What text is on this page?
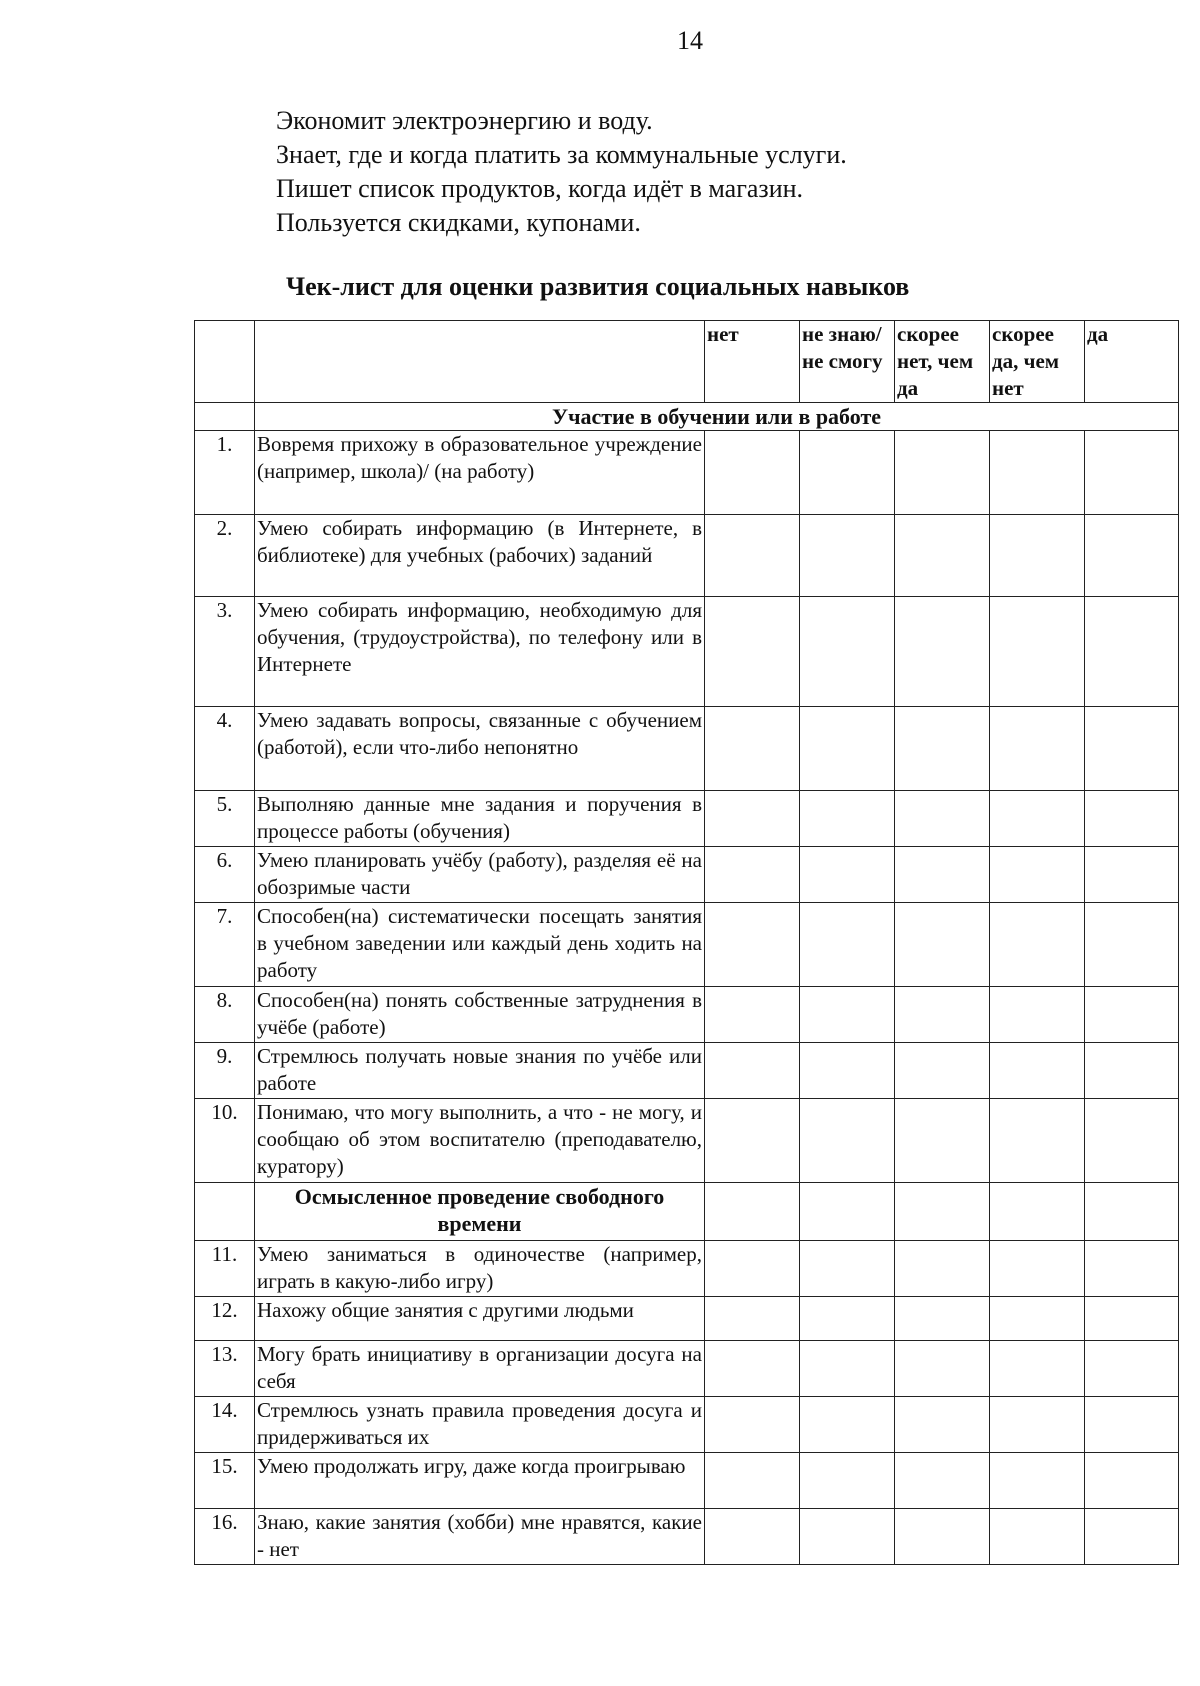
14
Экономит электроэнергию и воду.
Знает, где и когда платить за коммунальные услуги.
Пишет список продуктов, когда идёт в магазин.
Пользуется скидками, купонами.
Чек-лист для оценки развития социальных навыков
		нет	не знаю/ не смогу	скорее нет, чем да	скорее да, чем нет	да
	Участие в обучении или в работе					
1.	Вовремя прихожу в образовательное учреждение (например, школа)/ (на работу)					
2.	Умею собирать информацию (в Интернете, в библиотеке) для учебных (рабочих) заданий					
3.	Умею собирать информацию, необходимую для обучения, (трудоустройства), по телефону или в Интернете					
4.	Умею задавать вопросы, связанные с обучением (работой), если что-либо непонятно					
5.	Выполняю данные мне задания и поручения в процессе работы (обучения)					
6.	Умею планировать учёбу (работу), разделяя её на обозримые части					
7.	Способен(на) систематически посещать занятия в учебном заведении или каждый день ходить на работу					
8.	Способен(на) понять собственные затруднения в учёбе (работе)					
9.	Стремлюсь получать новые знания по учёбе или работе					
10.	Понимаю, что могу выполнить, а что - не могу, и сообщаю об этом воспитателю (преподавателю, куратору)					
	Осмысленное проведение свободного времени					
11.	Умею заниматься в одиночестве (например, играть в какую-либо игру)					
12.	Нахожу общие занятия с другими людьми					
13.	Могу брать инициативу в организации досуга на себя					
14.	Стремлюсь узнать правила проведения досуга и придерживаться их					
15.	Умею продолжать игру, даже когда проигрываю					
16.	Знаю, какие занятия (хобби) мне нравятся, какие - нет					
